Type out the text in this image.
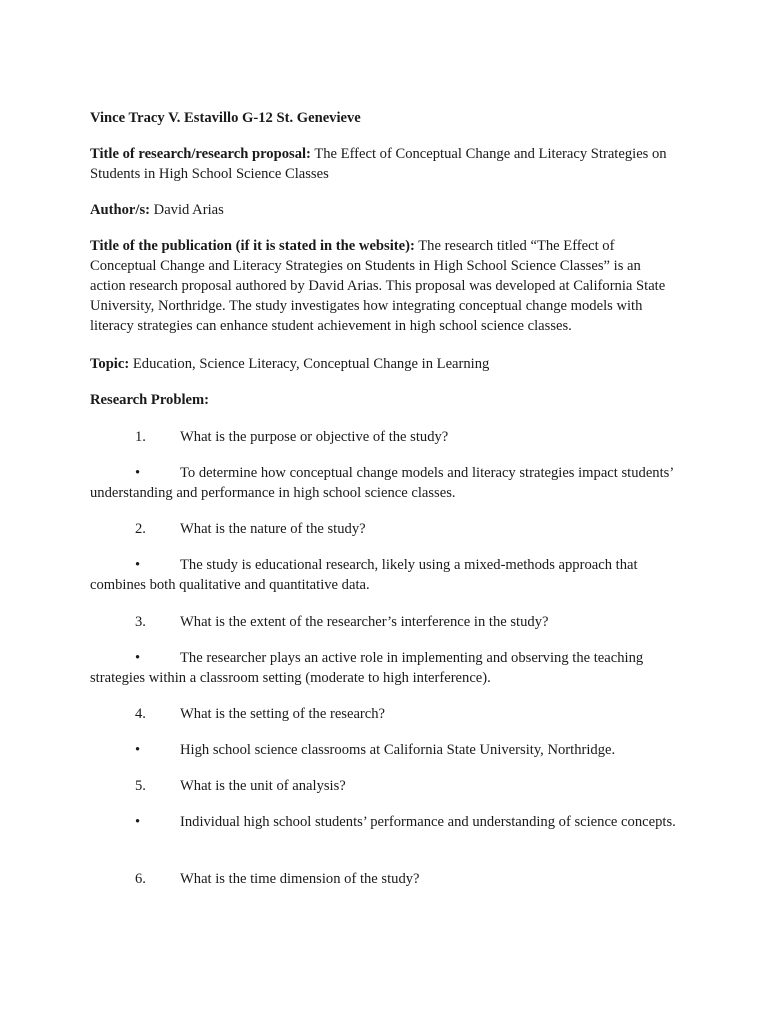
Vince Tracy V. Estavillo G-12 St. Genevieve

Title of research/research proposal: The Effect of Conceptual Change and Literacy Strategies on Students in High School Science Classes

Author/s: David Arias

Title of the publication (if it is stated in the website): The research titled “The Effect of Conceptual Change and Literacy Strategies on Students in High School Science Classes” is an action research proposal authored by David Arias. This proposal was developed at California State University, Northridge. The study investigates how integrating conceptual change models with literacy strategies can enhance student achievement in high school science classes.

Topic: Education, Science Literacy, Conceptual Change in Learning

Research Problem:

1. What is the purpose or objective of the study?

•	To determine how conceptual change models and literacy strategies impact students’ understanding and performance in high school science classes.

2. What is the nature of the study?

•	The study is educational research, likely using a mixed-methods approach that combines both qualitative and quantitative data.

3. What is the extent of the researcher’s interference in the study?

•	The researcher plays an active role in implementing and observing the teaching strategies within a classroom setting (moderate to high interference).

4. What is the setting of the research?

•	High school science classrooms at California State University, Northridge.

5. What is the unit of analysis?

•	Individual high school students’ performance and understanding of science concepts.

6. What is the time dimension of the study?
